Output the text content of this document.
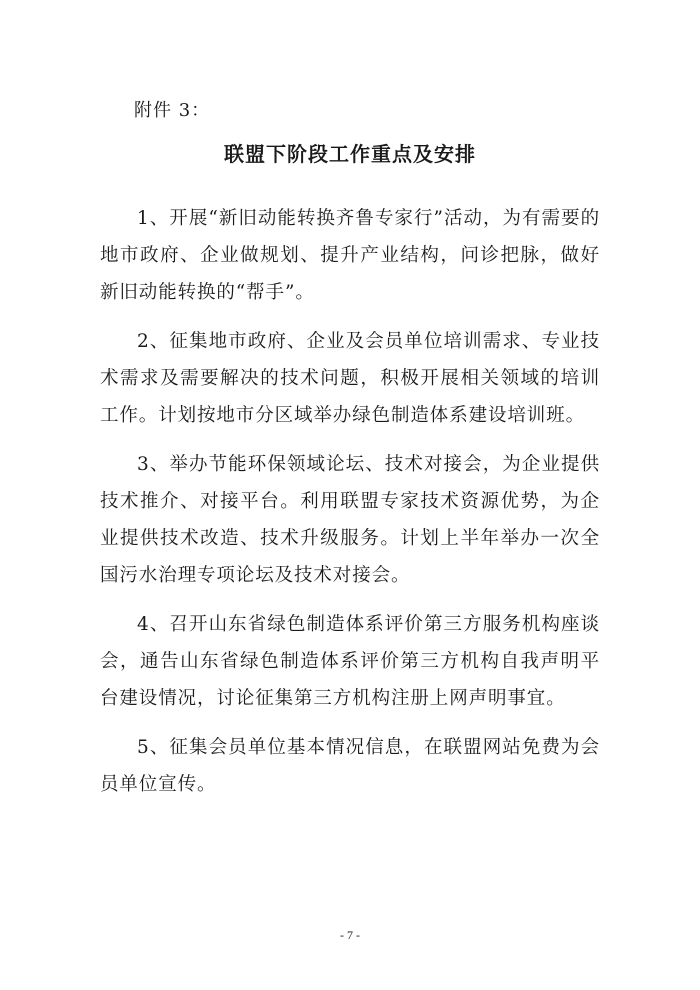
附件 3：
联盟下阶段工作重点及安排

1、开展“新旧动能转换齐鲁专家行”活动，为有需要的地市政府、企业做规划、提升产业结构，问诊把脉，做好新旧动能转换的“帮手”。

2、征集地市政府、企业及会员单位培训需求、专业技术需求及需要解决的技术问题，积极开展相关领域的培训工作。计划按地市分区域举办绿色制造体系建设培训班。

3、举办节能环保领域论坛、技术对接会，为企业提供技术推介、对接平台。利用联盟专家技术资源优势，为企业提供技术改造、技术升级服务。计划上半年举办一次全国污水治理专项论坛及技术对接会。

4、召开山东省绿色制造体系评价第三方服务机构座谈会，通告山东省绿色制造体系评价第三方机构自我声明平台建设情况，讨论征集第三方机构注册上网声明事宜。

5、征集会员单位基本情况信息，在联盟网站免费为会员单位宣传。

- 7 -
